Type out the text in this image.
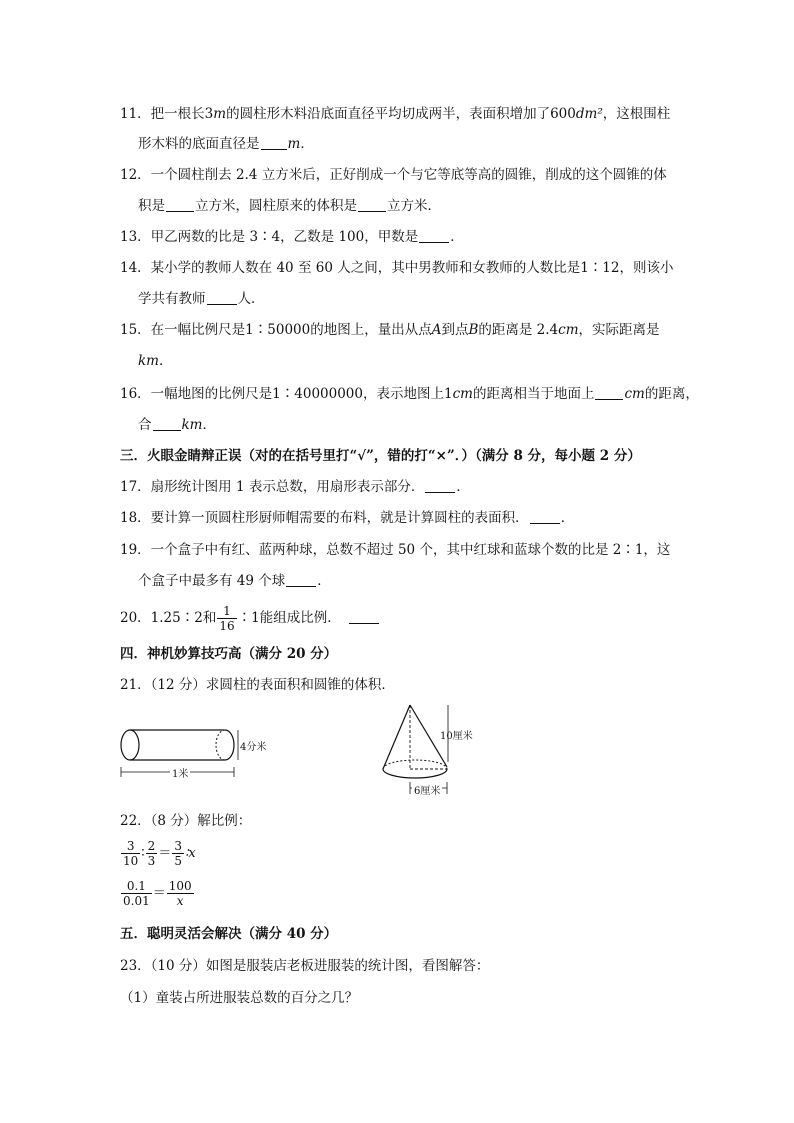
11．把一根长3m的圆柱形木料沿底面直径平均切成两半，表面积增加了600dm²，这根围柱
形木料的底面直径是 m．
12．一个圆柱削去 2.4 立方米后，正好削成一个与它等底等高的圆锥，削成的这个圆锥的体
积是 立方米，圆柱原来的体积是 立方米．
13．甲乙两数的比是 3∶4，乙数是 100，甲数是 ．
14．某小学的教师人数在 40 至 60 人之间，其中男教师和女教师的人数比是1∶12，则该小
学共有教师 人．
15．在一幅比例尺是1∶50000的地图上，量出从点A到点B的距离是 2.4cm，实际距离是
km．
16．一幅地图的比例尺是1∶40000000，表示地图上1cm的距离相当于地面上 cm的距离，
合 km．
三．火眼金睛辩正误（对的在括号里打“√”，错的打“×”．）（满分 8 分，每小题 2 分）
17．扇形统计图用 1 表示总数，用扇形表示部分． ．
18．要计算一顶圆柱形厨师帽需要的布料，就是计算圆柱的表面积． ．
19．一个盒子中有红、蓝两种球，总数不超过 50 个，其中红球和蓝球个数的比是 2∶1，这
个盒子中最多有 49 个球 ．
20．1.25∶2和 $\frac{1}{16}$ ∶1能组成比例．
四．神机妙算技巧高（满分 20 分）
21．（12 分）求圆柱的表面积和圆锥的体积．
4分米
1米
10厘米
6厘米
22．（8 分）解比例：
$\frac{3}{10}$ ∶ $\frac{2}{3} = \frac{3}{5}$ ∶x
$\frac{0.1}{0.01} = \frac{100}{x}$
五．聪明灵活会解决（满分 40 分）
23．（10 分）如图是服装店老板进服装的统计图，看图解答：
（1）童装占所进服装总数的百分之几？
